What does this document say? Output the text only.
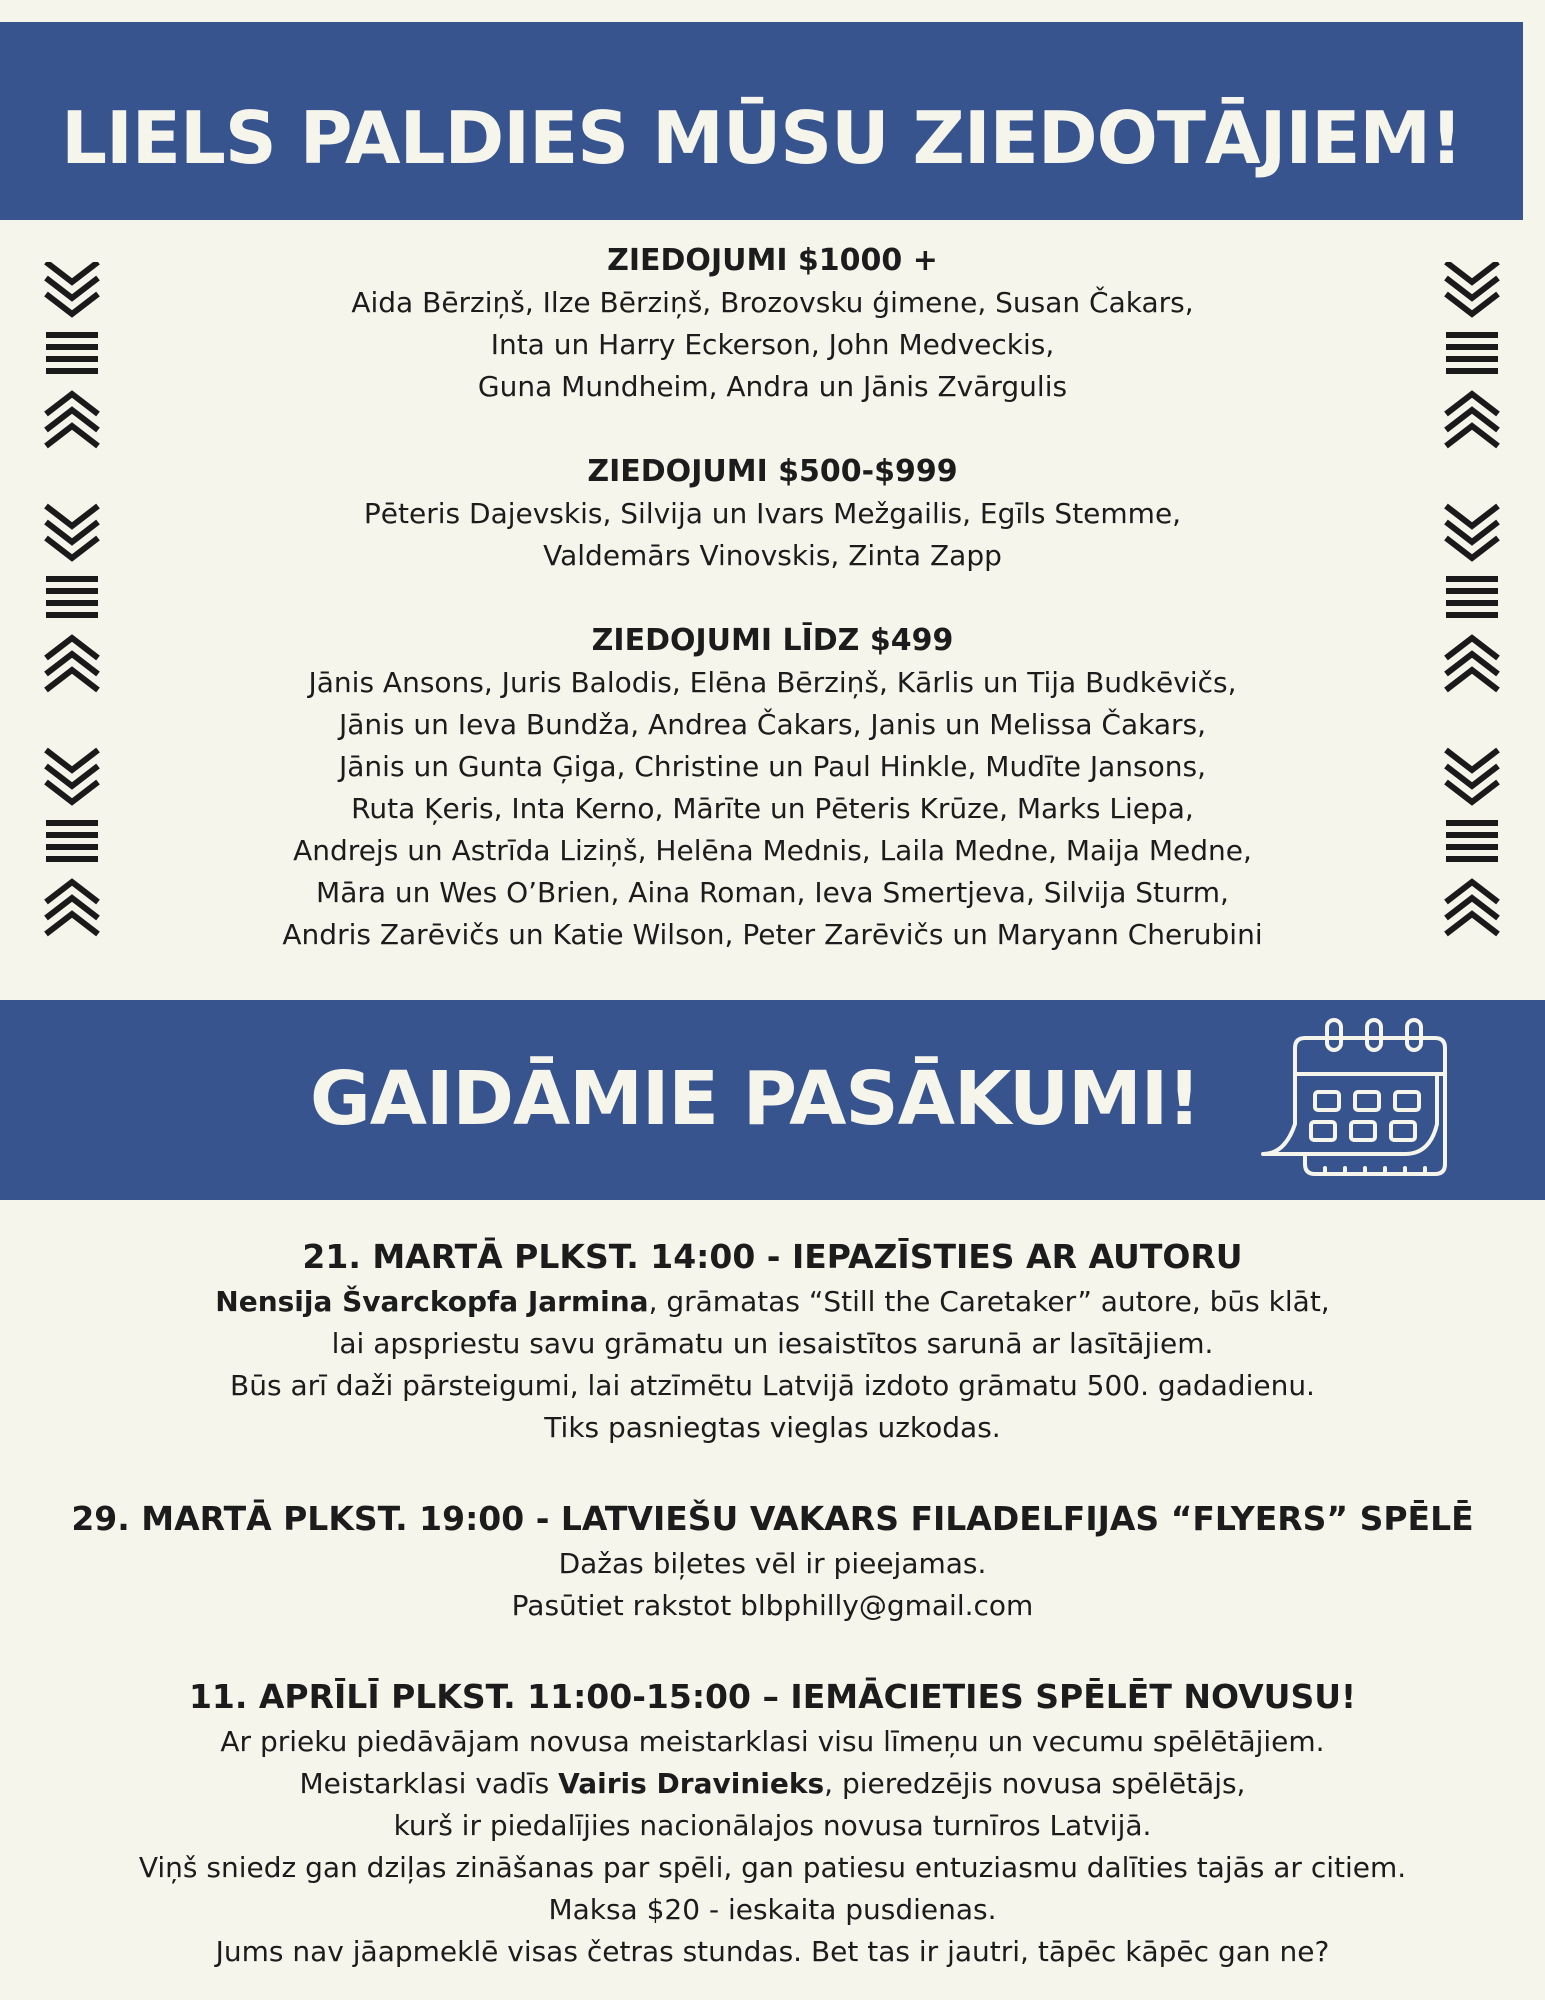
LIELS PALDIES MŪSU ZIEDOTĀJIEM!
ZIEDOJUMI $1000 +

Aida Bērziņš, Ilze Bērziņš, Brozovsku ģimene, Susan Čakars,

Inta un Harry Eckerson, John Medveckis,

Guna Mundheim, Andra un Jānis Zvārgulis

ZIEDOJUMI $500-$999

Pēteris Dajevskis, Silvija un Ivars Mežgailis, Egīls Stemme,

Valdemārs Vinovskis, Zinta Zapp

ZIEDOJUMI LĪDZ $499

Jānis Ansons, Juris Balodis, Elēna Bērziņš, Kārlis un Tija Budkēvičs,

Jānis un Ieva Bundža, Andrea Čakars, Janis un Melissa Čakars,

Jānis un Gunta Ģiga, Christine un Paul Hinkle, Mudīte Jansons,

Ruta Ķeris, Inta Kerno, Mārīte un Pēteris Krūze, Marks Liepa,

Andrejs un Astrīda Liziņš, Helēna Mednis, Laila Medne, Maija Medne,

Māra un Wes O’Brien, Aina Roman, Ieva Smertjeva, Silvija Sturm,

Andris Zarēvičs un Katie Wilson, Peter Zarēvičs un Maryann Cherubini

GAIDĀMIE PASĀKUMI!
21. MARTĀ PLKST. 14:00 - IEPAZĪSTIES AR AUTORU

Nensija Švarckopfa Jarmina, grāmatas “Still the Caretaker” autore, būs klāt,

lai apspriestu savu grāmatu un iesaistītos sarunā ar lasītājiem.

Būs arī daži pārsteigumi, lai atzīmētu Latvijā izdoto grāmatu 500. gadadienu.

Tiks pasniegtas vieglas uzkodas.

29. MARTĀ PLKST. 19:00 - LATVIEŠU VAKARS FILADELFIJAS “FLYERS” SPĒLĒ

Dažas biļetes vēl ir pieejamas.

Pasūtiet rakstot blbphilly@gmail.com

11. APRĪLĪ PLKST. 11:00-15:00 – IEMĀCIETIES SPĒLĒT NOVUSU!

Ar prieku piedāvājam novusa meistarklasi visu līmeņu un vecumu spēlētājiem.

Meistarklasi vadīs Vairis Dravinieks, pieredzējis novusa spēlētājs,

kurš ir piedalījies nacionālajos novusa turnīros Latvijā.

Viņš sniedz gan dziļas zināšanas par spēli, gan patiesu entuziasmu dalīties tajās ar citiem.

Maksa $20 - ieskaita pusdienas.

Jums nav jāapmeklē visas četras stundas. Bet tas ir jautri, tāpēc kāpēc gan ne?
